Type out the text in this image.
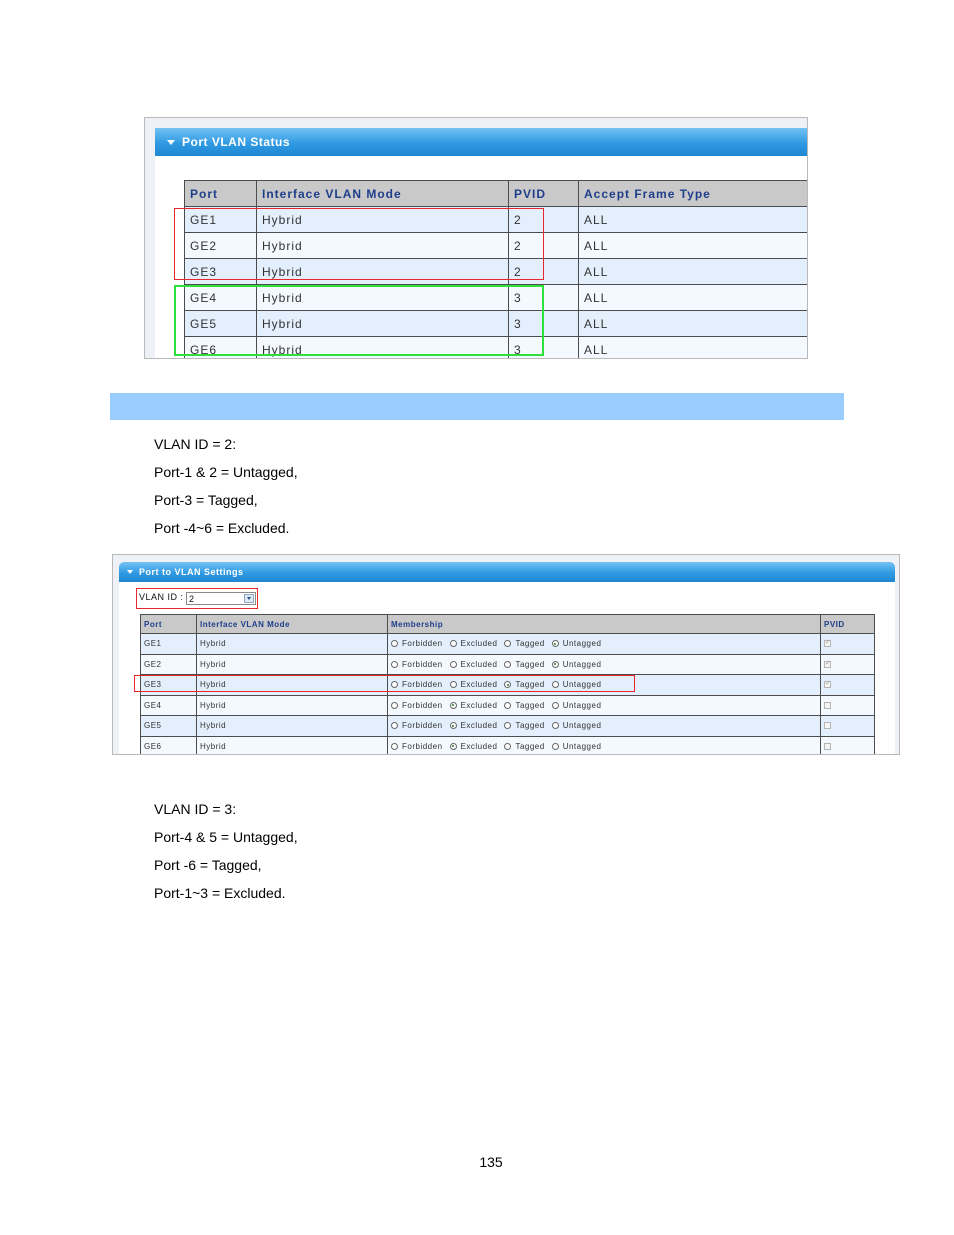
Port VLAN Status
Port	Interface VLAN Mode	PVID	Accept Frame Type
GE1	Hybrid	2	ALL
GE2	Hybrid	2	ALL
GE3	Hybrid	2	ALL
GE4	Hybrid	3	ALL
GE5	Hybrid	3	ALL
GE6	Hybrid	3	ALL
VLAN ID = 2:
Port-1 & 2 = Untagged,
Port-3 = Tagged,
Port -4~6 = Excluded.
Port to VLAN Settings
VLAN ID : 2
Port	Interface VLAN Mode	Membership	PVID
GE1	Hybrid	Forbidden Excluded Tagged Untagged	✓
GE2	Hybrid	Forbidden Excluded Tagged Untagged	✓
GE3	Hybrid	Forbidden Excluded Tagged Untagged	✓
GE4	Hybrid	Forbidden Excluded Tagged Untagged	
GE5	Hybrid	Forbidden Excluded Tagged Untagged	
GE6	Hybrid	Forbidden Excluded Tagged Untagged	
VLAN ID = 3:
Port-4 & 5 = Untagged,
Port -6 = Tagged,
Port-1~3 = Excluded.
135
